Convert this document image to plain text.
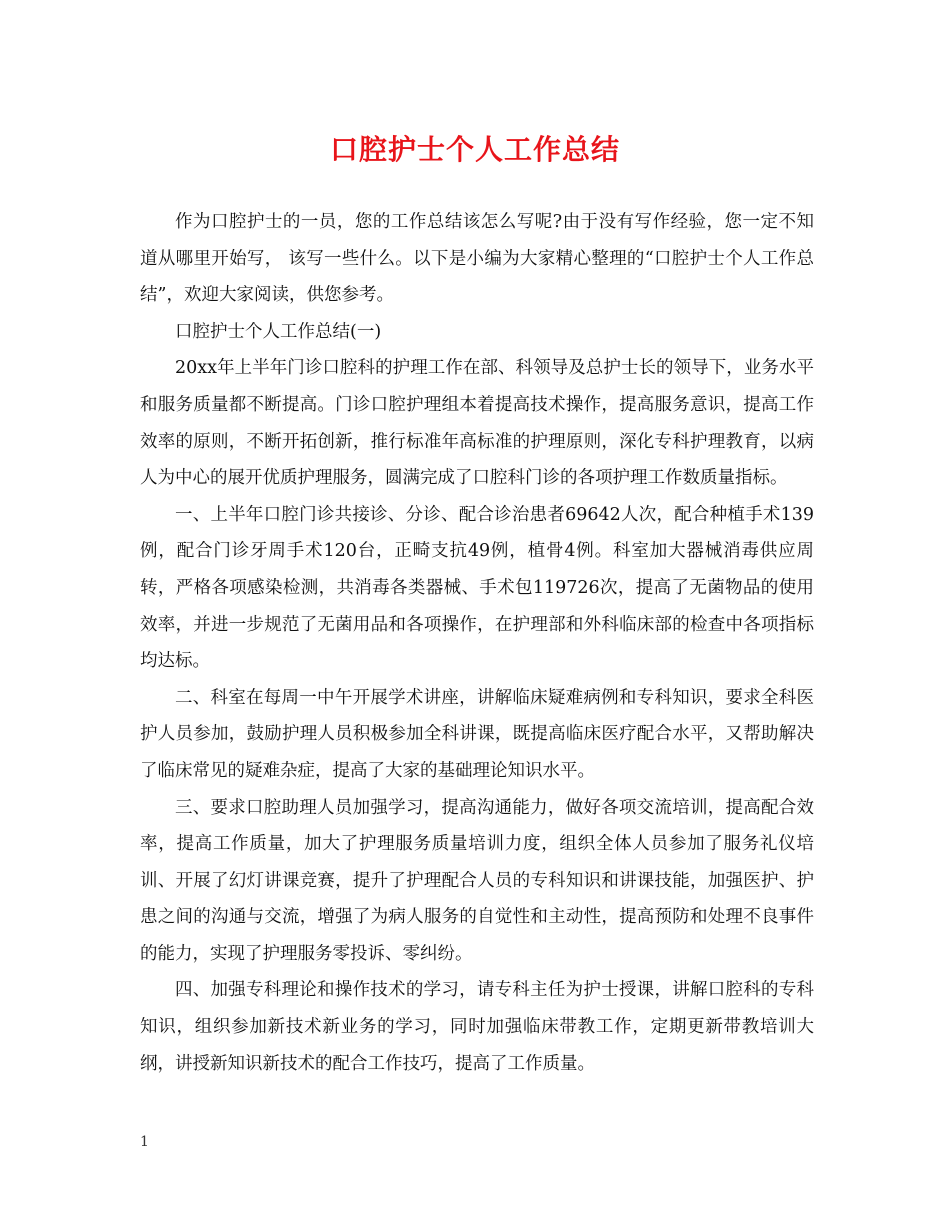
口腔护士个人工作总结

作为口腔护士的一员，您的工作总结该怎么写呢?由于没有写作经验，您一定不知道从哪里开始写， 该写一些什么。以下是小编为大家精心整理的“口腔护士个人工作总结”，欢迎大家阅读，供您参考。

口腔护士个人工作总结(一)

20xx年上半年门诊口腔科的护理工作在部、科领导及总护士长的领导下，业务水平和服务质量都不断提高。门诊口腔护理组本着提高技术操作，提高服务意识，提高工作效率的原则，不断开拓创新，推行标准年高标准的护理原则，深化专科护理教育，以病人为中心的展开优质护理服务，圆满完成了口腔科门诊的各项护理工作数质量指标。

一、上半年口腔门诊共接诊、分诊、配合诊治患者69642人次，配合种植手术139例，配合门诊牙周手术120台，正畸支抗49例，植骨4例。科室加大器械消毒供应周转，严格各项感染检测，共消毒各类器械、手术包119726次，提高了无菌物品的使用效率，并进一步规范了无菌用品和各项操作，在护理部和外科临床部的检查中各项指标均达标。

二、科室在每周一中午开展学术讲座，讲解临床疑难病例和专科知识，要求全科医护人员参加，鼓励护理人员积极参加全科讲课，既提高临床医疗配合水平，又帮助解决了临床常见的疑难杂症，提高了大家的基础理论知识水平。

三、要求口腔助理人员加强学习，提高沟通能力，做好各项交流培训，提高配合效率，提高工作质量，加大了护理服务质量培训力度，组织全体人员参加了服务礼仪培训、开展了幻灯讲课竞赛，提升了护理配合人员的专科知识和讲课技能，加强医护、护患之间的沟通与交流，增强了为病人服务的自觉性和主动性，提高预防和处理不良事件的能力，实现了护理服务零投诉、零纠纷。

四、加强专科理论和操作技术的学习，请专科主任为护士授课，讲解口腔科的专科知识，组织参加新技术新业务的学习，同时加强临床带教工作，定期更新带教培训大纲，讲授新知识新技术的配合工作技巧，提高了工作质量。

1
